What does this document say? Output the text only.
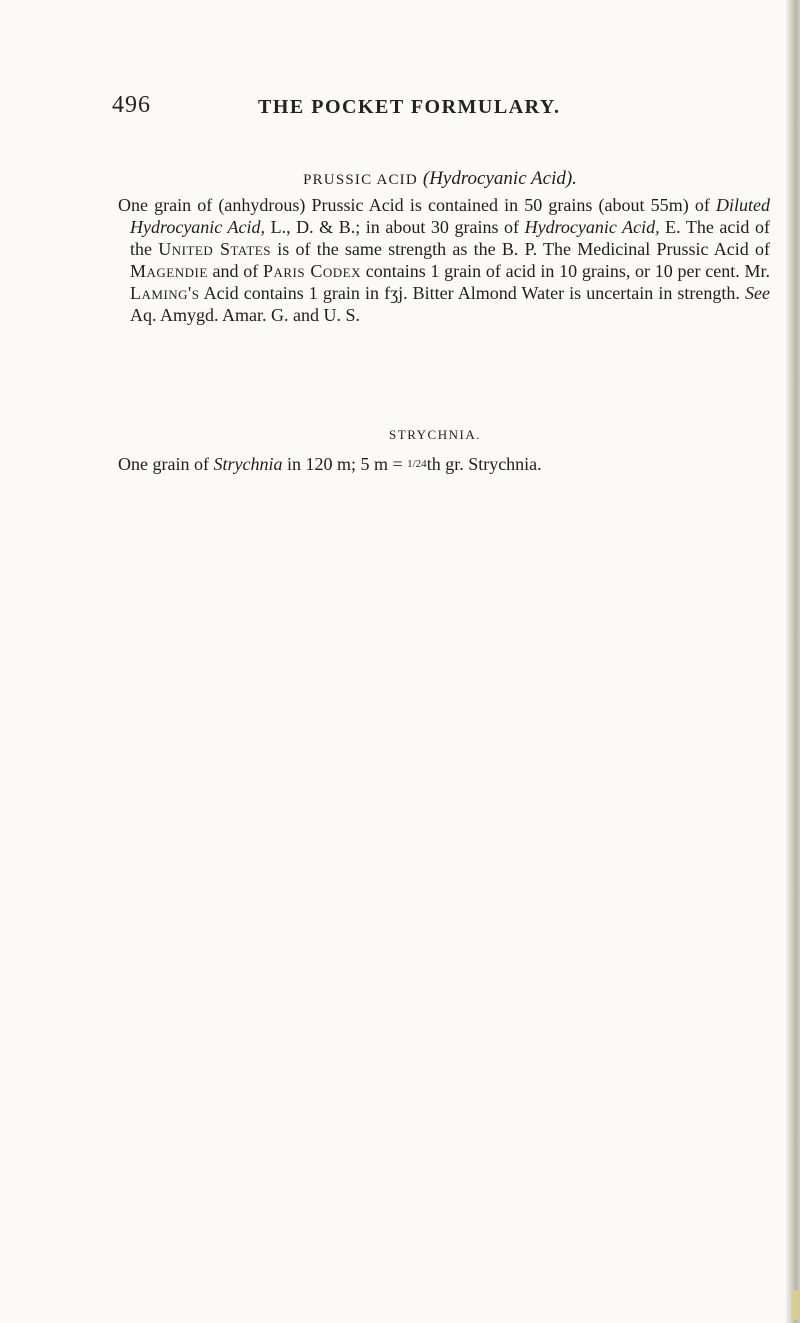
496	THE POCKET FORMULARY.

PRUSSIC ACID (Hydrocyanic Acid).

One grain of (anhydrous) Prussic Acid is contained in 50 grains (about 55m) of Diluted Hydrocyanic Acid, L., D. & B.; in about 30 grains of Hydrocyanic Acid, E. The acid of the United States is of the same strength as the B. P. The Medicinal Prussic Acid of Magendie and of Paris Codex contains 1 grain of acid in 10 grains, or 10 per cent. Mr. Laming's Acid contains 1 grain in fʒj. Bitter Almond Water is uncertain in strength. See Aq. Amygd. Amar. G. and U. S.

STRYCHNIA.

One grain of Strychnia in 120 m; 5 m = 1/24th gr. Strychnia.
